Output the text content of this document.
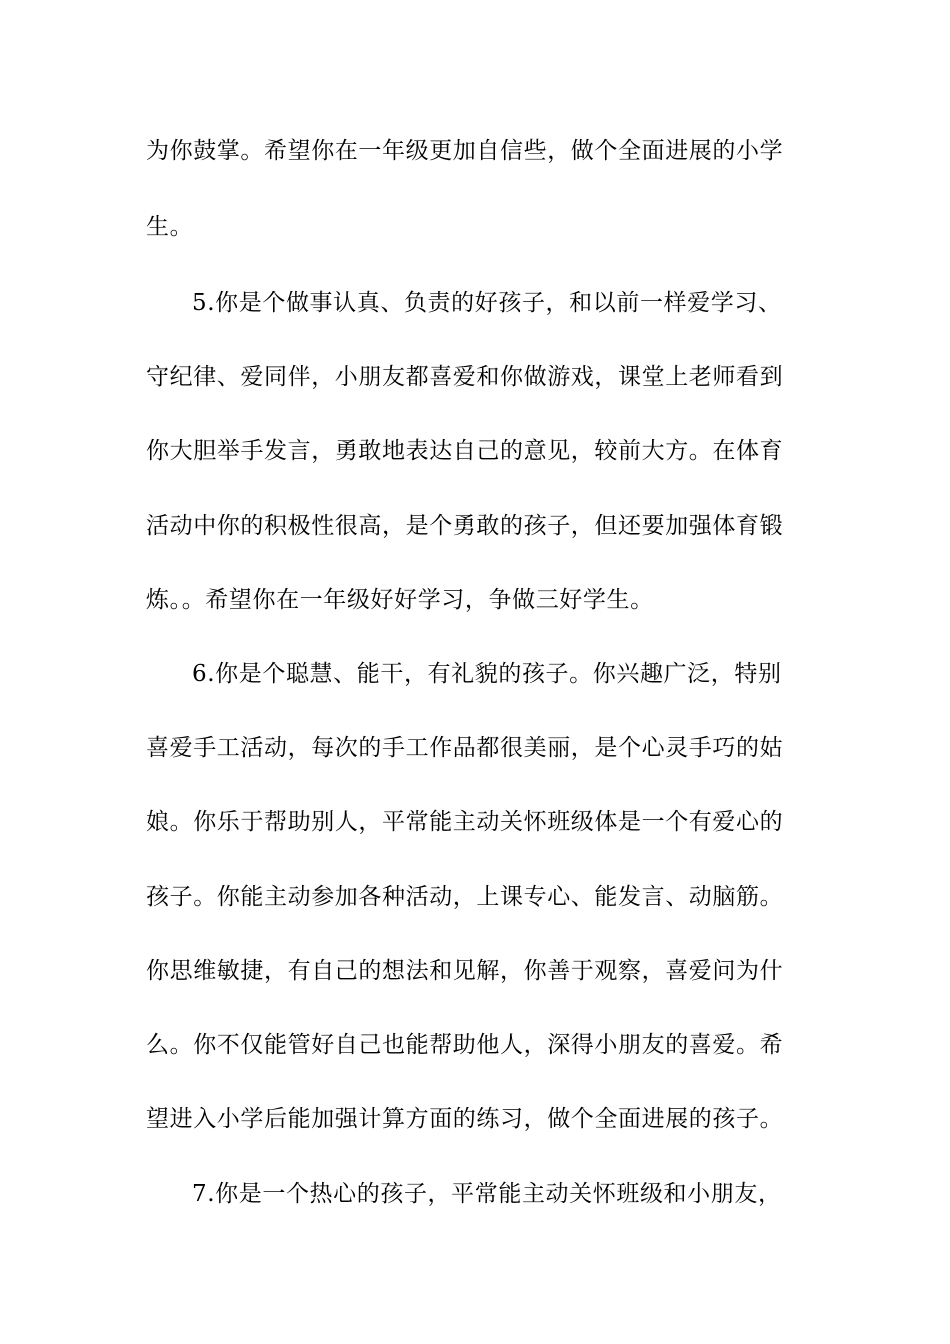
为你鼓掌。希望你在一年级更加自信些，做个全面进展的小学
生。
5.你是个做事认真、负责的好孩子，和以前一样爱学习、
守纪律、爱同伴，小朋友都喜爱和你做游戏，课堂上老师看到
你大胆举手发言，勇敢地表达自己的意见，较前大方。在体育
活动中你的积极性很高，是个勇敢的孩子，但还要加强体育锻
炼。。希望你在一年级好好学习，争做三好学生。
6.你是个聪慧、能干，有礼貌的孩子。你兴趣广泛，特别
喜爱手工活动，每次的手工作品都很美丽，是个心灵手巧的姑
娘。你乐于帮助别人，平常能主动关怀班级体是一个有爱心的
孩子。你能主动参加各种活动，上课专心、能发言、动脑筋。
你思维敏捷，有自己的想法和见解，你善于观察，喜爱问为什
么。你不仅能管好自己也能帮助他人，深得小朋友的喜爱。希
望进入小学后能加强计算方面的练习，做个全面进展的孩子。
7.你是一个热心的孩子，平常能主动关怀班级和小朋友，
